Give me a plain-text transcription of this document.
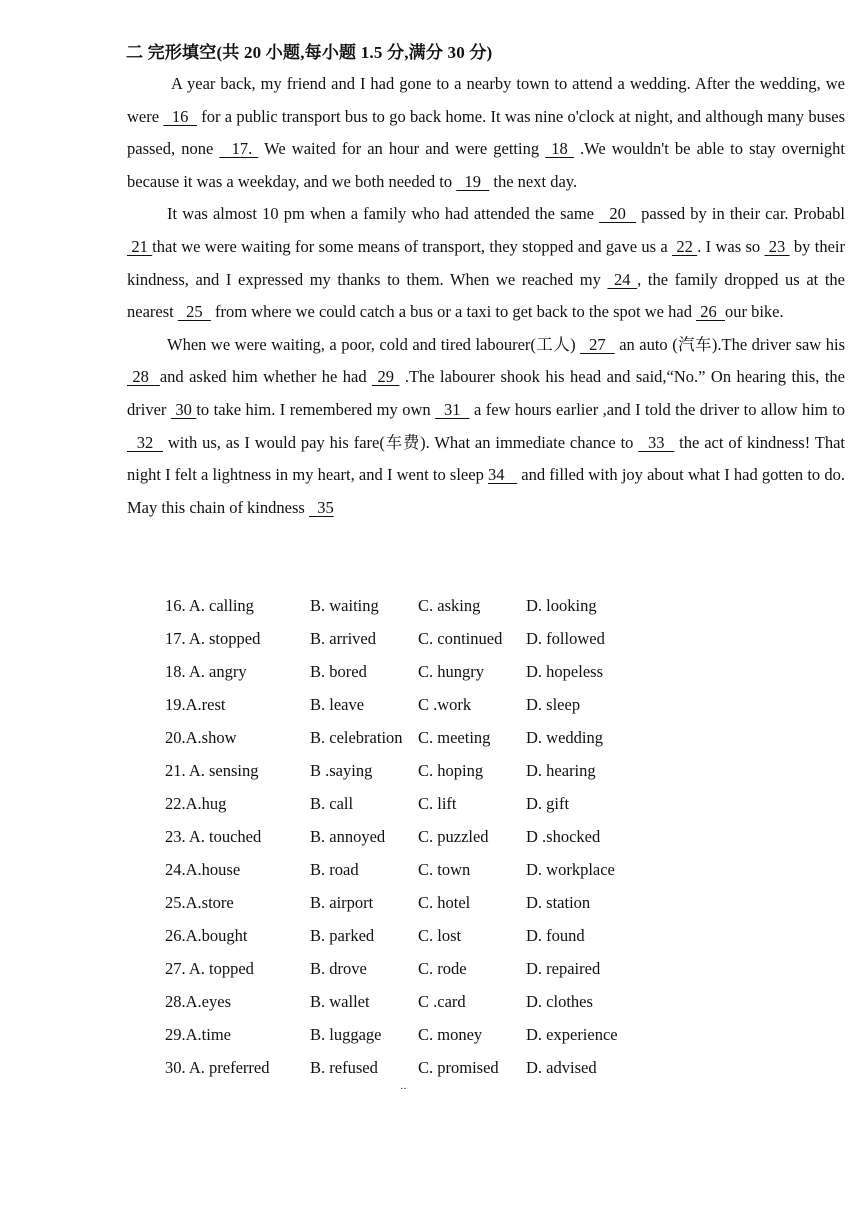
二 完形填空(共 20 小题,每小题 1.5 分,满分 30 分)

A year back, my friend and I had gone to a nearby town to attend a wedding. After the wedding, we were   16   for a public transport bus to go back home. It was nine o'clock at night, and although many buses passed, none   17.  We waited for an hour and were getting  18  .We wouldn't be able to stay overnight because it was a weekday, and we both needed to   19   the next day.

It was almost 10 pm when a family who had attended the same   20   passed by in their car. Probabl  21 that we were waiting for some means of transport, they stopped and gave us a  22 . I was so  23  by their kindness, and I expressed my thanks to them. When we reached my  24 , the family dropped us at the nearest   25   from where we could catch a bus or a taxi to get back to the spot we had  26  our bike.

When we were waiting, a poor, cold and tired labourer(工人)   27   an auto (汽车).The driver saw his  28  and asked him whether he had  29  .The labourer shook his head and said,“No.” On hearing this, the driver  30 to take him. I remembered my own   31   a few hours earlier ,and I told the driver to allow him to   32   with us, as I would pay his fare(车费). What an immediate chance to   33   the act of kindness! That night I felt a lightness in my heart, and I went to sleep 34    and filled with joy about what I had gotten to do. May this chain of kindness   35

16. A. calling	B. waiting C. asking	D. looking
17. A. stopped	B. arrived	C. continued D. followed
18. A. angry	B. bored	C. hungry	D. hopeless
19.A.rest	B. leave	C .work	D. sleep
20.A.show	B. celebration C. meeting D. wedding
21. A. sensing	B .saying	C. hoping	D. hearing
22.A.hug	B. call	C. lift	D. gift
23. A. touched	B. annoyed C. puzzled D .shocked
24.A.house	B. road	C. town	D. workplace
25.A.store	B. airport	C. hotel	D. station
26.A.bought	B. parked	C. lost	D. found
27. A. topped	B. drove	C. rode	D. repaired
28.A.eyes	B. wallet	C .card	D. clothes
29.A.time	B. luggage C. money	D. experience
30. A. preferred B. refused C. promised D. advised
··
